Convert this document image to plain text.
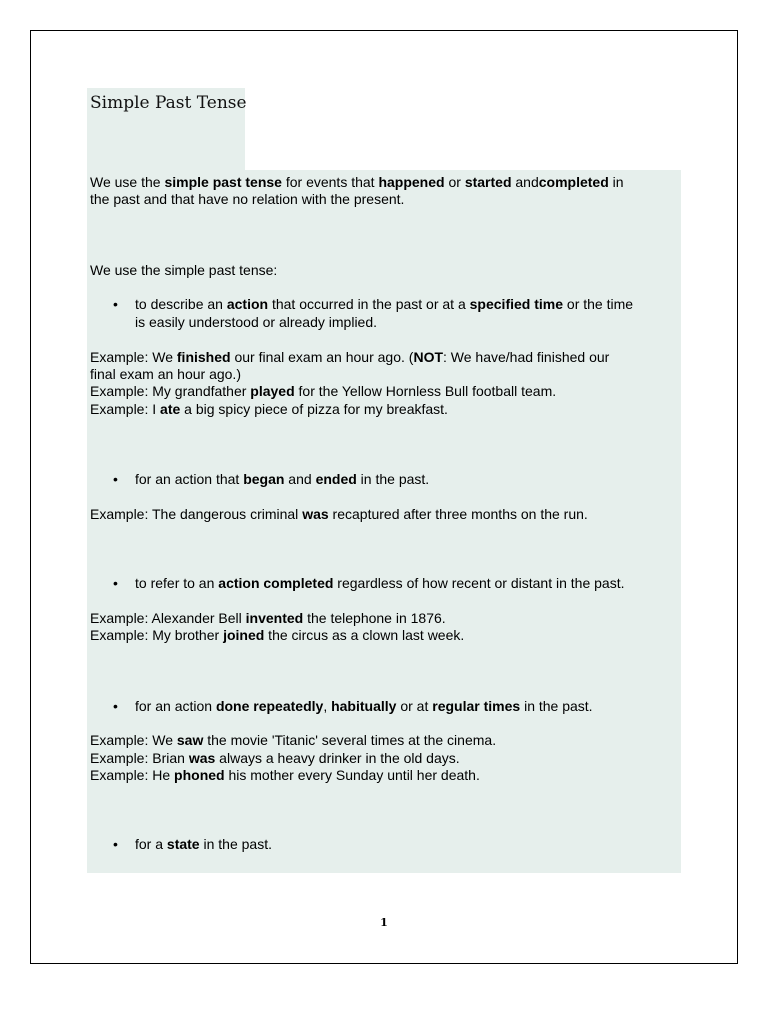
Simple Past Tense
We use the simple past tense for events that happened or started andcompleted in
the past and that have no relation with the present.
We use the simple past tense:
• to describe an action that occurred in the past or at a specified time or the time
is easily understood or already implied.
Example: We finished our final exam an hour ago. (NOT: We have/had finished our
final exam an hour ago.)
Example: My grandfather played for the Yellow Hornless Bull football team.
Example: I ate a big spicy piece of pizza for my breakfast.
• for an action that began and ended in the past.
Example: The dangerous criminal was recaptured after three months on the run.
• to refer to an action completed regardless of how recent or distant in the past.
Example: Alexander Bell invented the telephone in 1876.
Example: My brother joined the circus as a clown last week.
• for an action done repeatedly, habitually or at regular times in the past.
Example: We saw the movie 'Titanic' several times at the cinema.
Example: Brian was always a heavy drinker in the old days.
Example: He phoned his mother every Sunday until her death.
• for a state in the past.
1
